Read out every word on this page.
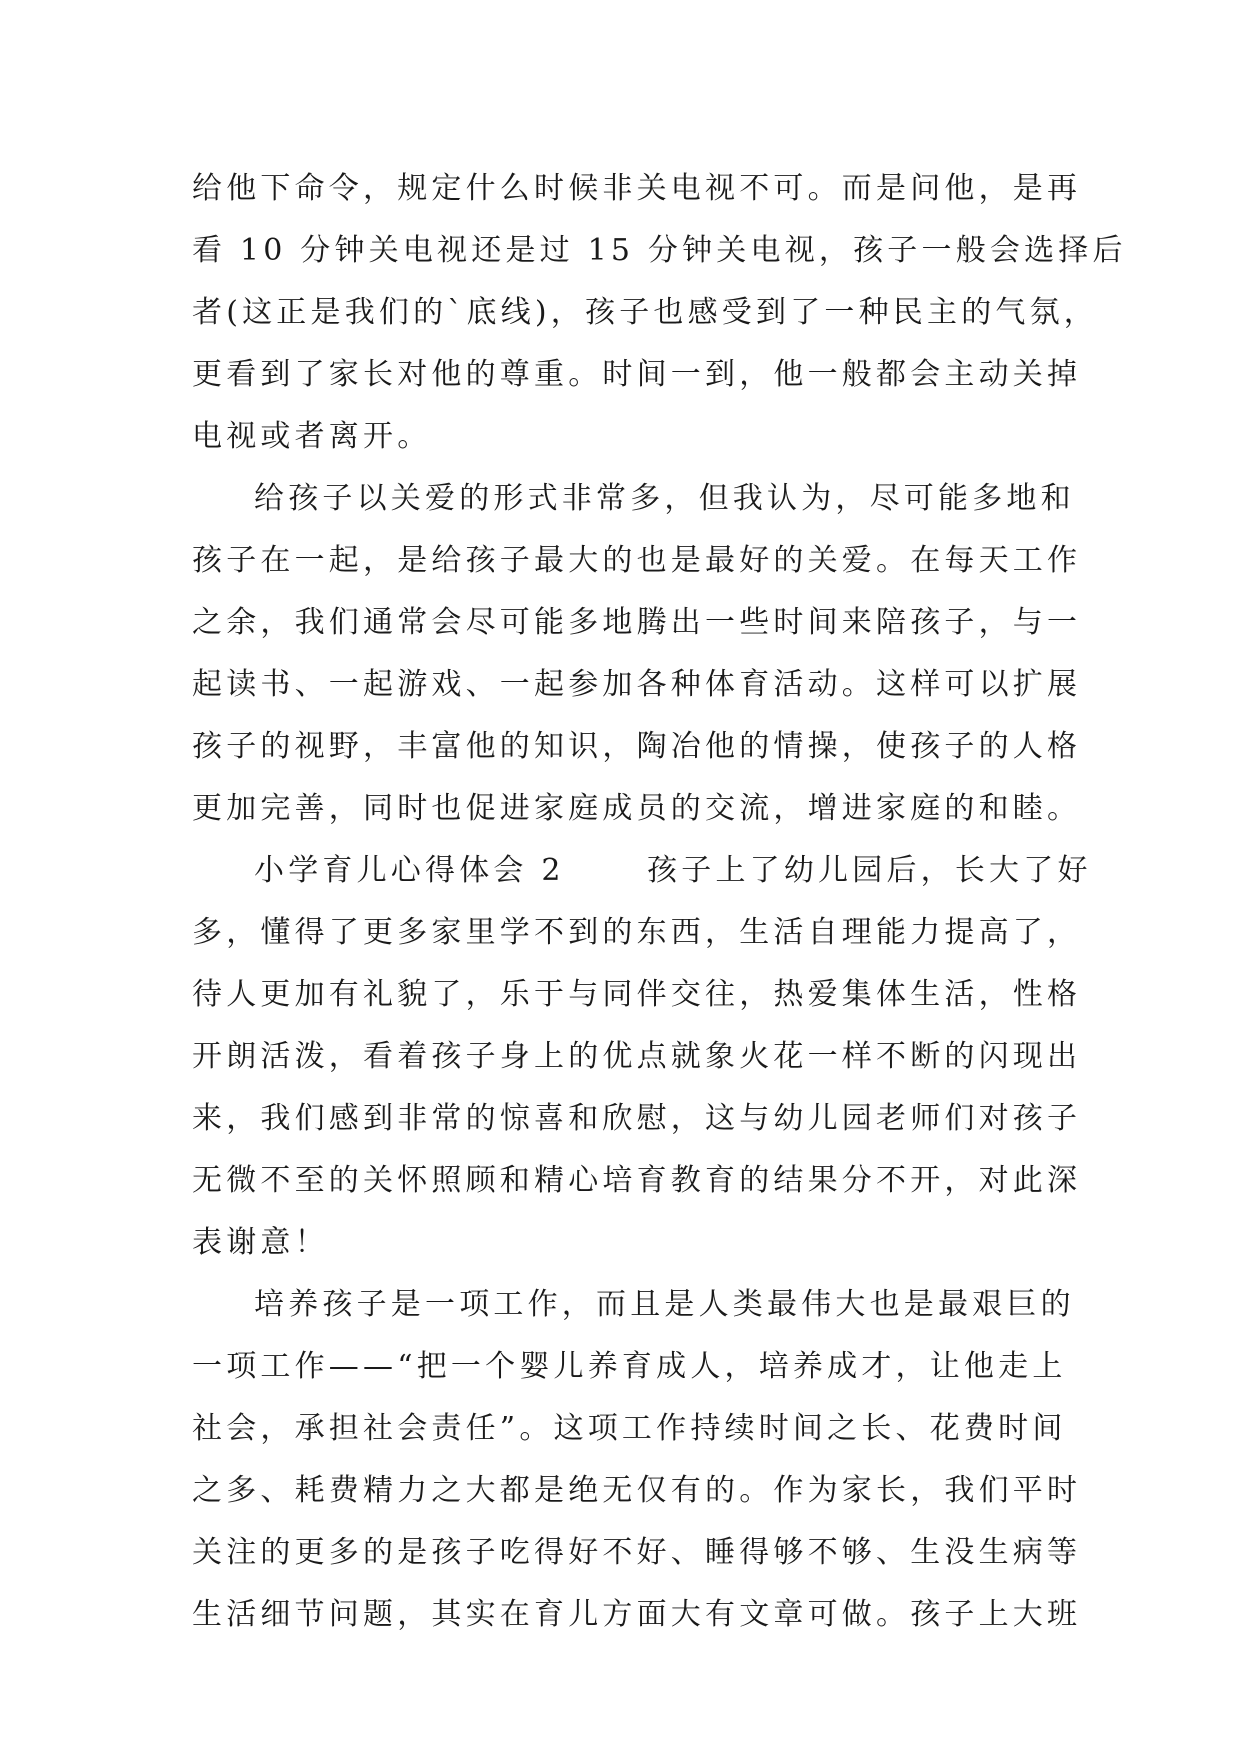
给他下命令，规定什么时候非关电视不可。而是问他，是再
看 10 分钟关电视还是过 15 分钟关电视，孩子一般会选择后
者(这正是我们的`底线)，孩子也感受到了一种民主的气氛，
更看到了家长对他的尊重。时间一到，他一般都会主动关掉
电视或者离开。
给孩子以关爱的形式非常多，但我认为，尽可能多地和
孩子在一起，是给孩子最大的也是最好的关爱。在每天工作
之余，我们通常会尽可能多地腾出一些时间来陪孩子，与一
起读书、一起游戏、一起参加各种体育活动。这样可以扩展
孩子的视野，丰富他的知识，陶冶他的情操，使孩子的人格
更加完善，同时也促进家庭成员的交流，增进家庭的和睦。
小学育儿心得体会 2      孩子上了幼儿园后，长大了好
多，懂得了更多家里学不到的东西，生活自理能力提高了，
待人更加有礼貌了，乐于与同伴交往，热爱集体生活，性格
开朗活泼，看着孩子身上的优点就象火花一样不断的闪现出
来，我们感到非常的惊喜和欣慰，这与幼儿园老师们对孩子
无微不至的关怀照顾和精心培育教育的结果分不开，对此深
表谢意！
培养孩子是一项工作，而且是人类最伟大也是最艰巨的
一项工作——“把一个婴儿养育成人，培养成才，让他走上
社会，承担社会责任”。这项工作持续时间之长、花费时间
之多、耗费精力之大都是绝无仅有的。作为家长，我们平时
关注的更多的是孩子吃得好不好、睡得够不够、生没生病等
生活细节问题，其实在育儿方面大有文章可做。孩子上大班
